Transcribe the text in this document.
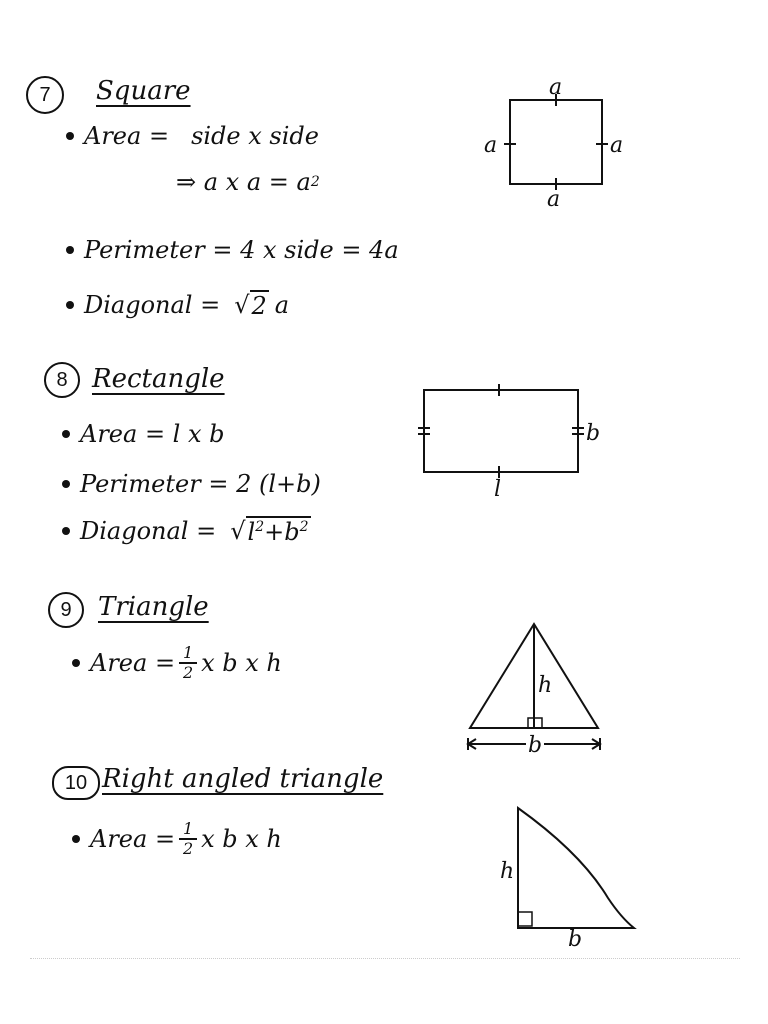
7	Square
Area = side x side
⇒ a x a = a 2
Perimeter = 4 x side = 4a
Diagonal = √ 2 a
a
a	a
a
8 Rectangle
Area = l x b
Perimeter = 2 (l+b)
Diagonal = √ $l^2+b^2$
b
l
9	Triangle
Area = $\frac{1}{2}$ x b x h
h
b
10 Right angled triangle
Area = $\frac{1}{2}$ x b x h
h
b
